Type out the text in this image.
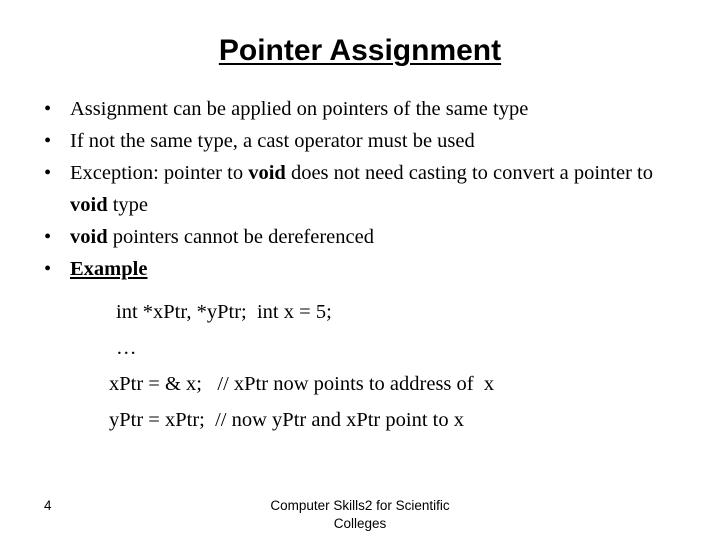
Pointer Assignment
• Assignment can be applied on pointers of the same type
• If not the same type, a cast operator must be used
• Exception: pointer to void does not need casting to convert a pointer to void type
• void pointers cannot be dereferenced
• Example
int *xPtr, *yPtr;  int x = 5;
…
xPtr = & x;   // xPtr now points to address of  x
yPtr = xPtr;  // now yPtr and xPtr point to x
4	Computer Skills2 for Scientific
Colleges
